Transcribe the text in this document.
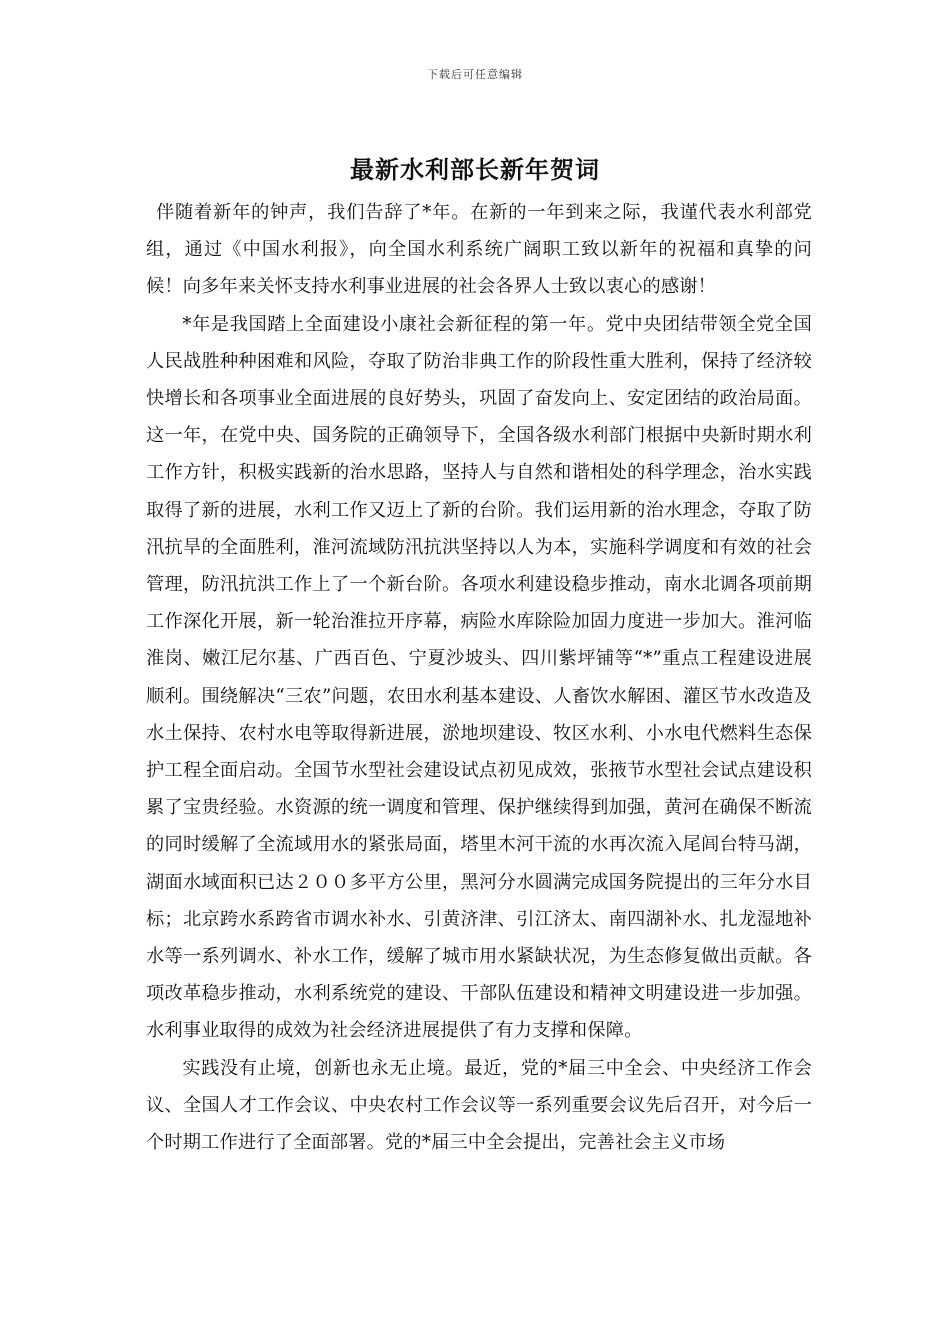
下载后可任意编辑
最新水利部长新年贺词

伴随着新年的钟声，我们告辞了*年。在新的一年到来之际，我谨代表水利部党组，通过《中国水利报》，向全国水利系统广阔职工致以新年的祝福和真挚的问候！向多年来关怀支持水利事业进展的社会各界人士致以衷心的感谢！

*年是我国踏上全面建设小康社会新征程的第一年。党中央团结带领全党全国人民战胜种种困难和风险，夺取了防治非典工作的阶段性重大胜利，保持了经济较快增长和各项事业全面进展的良好势头，巩固了奋发向上、安定团结的政治局面。这一年，在党中央、国务院的正确领导下，全国各级水利部门根据中央新时期水利工作方针，积极实践新的治水思路，坚持人与自然和谐相处的科学理念，治水实践取得了新的进展，水利工作又迈上了新的台阶。我们运用新的治水理念，夺取了防汛抗旱的全面胜利，淮河流域防汛抗洪坚持以人为本，实施科学调度和有效的社会管理，防汛抗洪工作上了一个新台阶。各项水利建设稳步推动，南水北调各项前期工作深化开展，新一轮治淮拉开序幕，病险水库除险加固力度进一步加大。淮河临淮岗、嫩江尼尔基、广西百色、宁夏沙坡头、四川紫坪铺等“*”重点工程建设进展顺利。围绕解决“三农”问题，农田水利基本建设、人畜饮水解困、灌区节水改造及水土保持、农村水电等取得新进展，淤地坝建设、牧区水利、小水电代燃料生态保护工程全面启动。全国节水型社会建设试点初见成效，张掖节水型社会试点建设积累了宝贵经验。水资源的统一调度和管理、保护继续得到加强，黄河在确保不断流的同时缓解了全流域用水的紧张局面，塔里木河干流的水再次流入尾闾台特马湖，湖面水域面积已达２００多平方公里，黑河分水圆满完成国务院提出的三年分水目标；北京跨水系跨省市调水补水、引黄济津、引江济太、南四湖补水、扎龙湿地补水等一系列调水、补水工作，缓解了城市用水紧缺状况，为生态修复做出贡献。各项改革稳步推动，水利系统党的建设、干部队伍建设和精神文明建设进一步加强。水利事业取得的成效为社会经济进展提供了有力支撑和保障。

实践没有止境，创新也永无止境。最近，党的*届三中全会、中央经济工作会议、全国人才工作会议、中央农村工作会议等一系列重要会议先后召开，对今后一个时期工作进行了全面部署。党的*届三中全会提出，完善社会主义市场
